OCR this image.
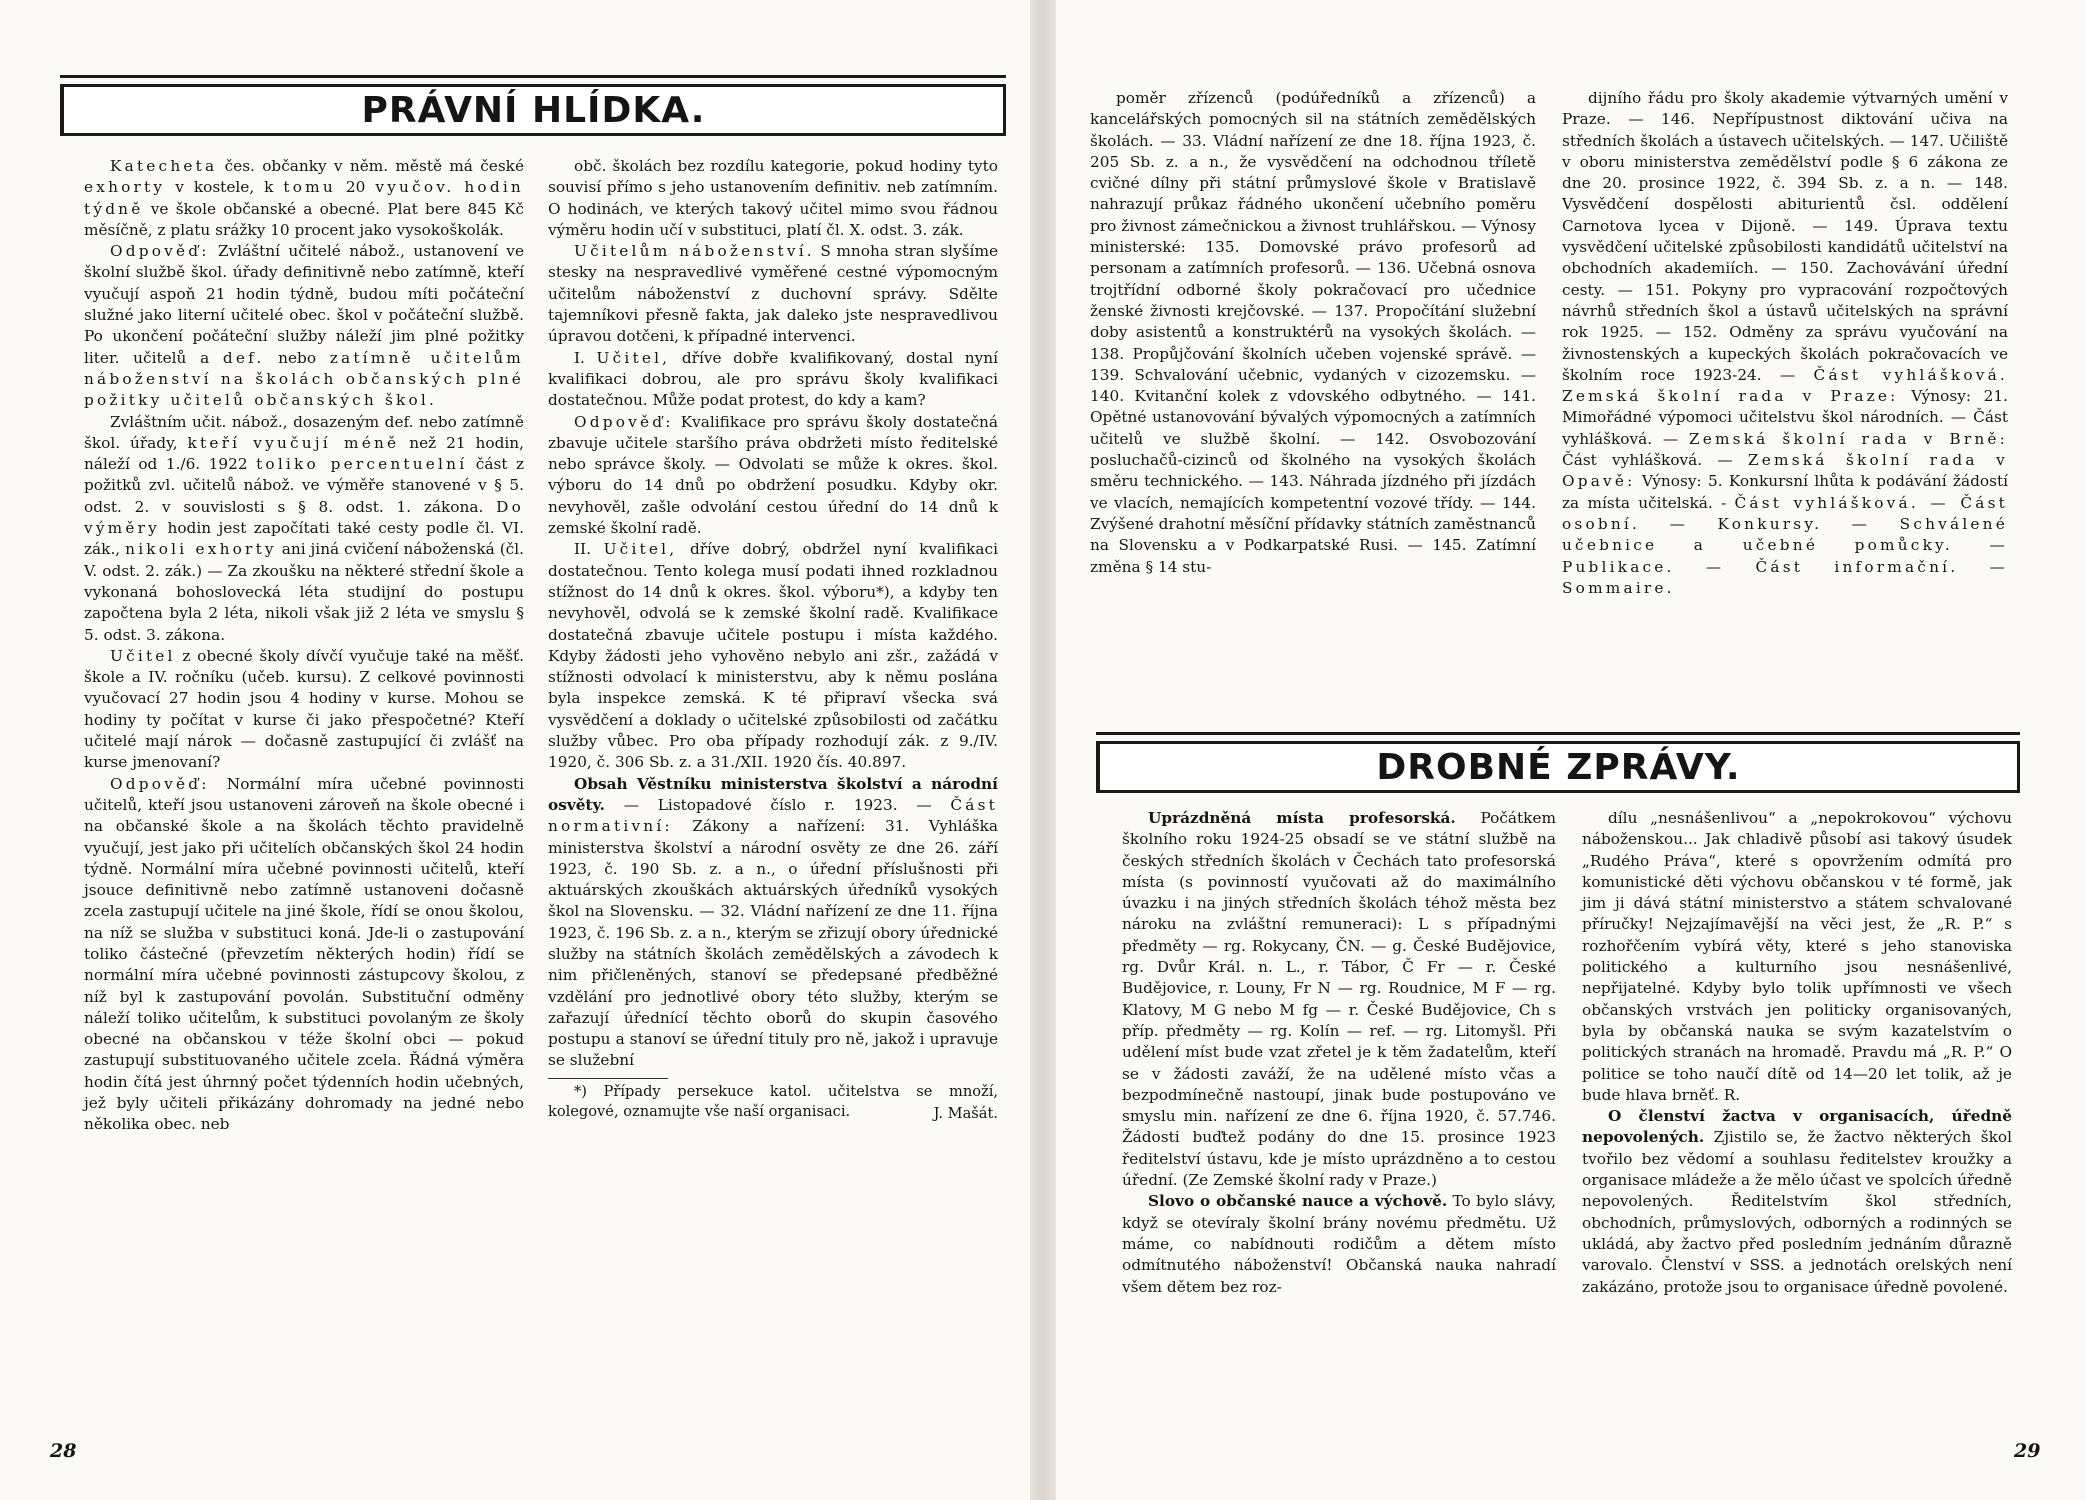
PRÁVNÍ HLÍDKA.

Katecheta čes. občanky v něm. městě má české exhorty v kostele, k tomu 20 vyučov. hodin týdně ve škole občanské a obecné. Plat bere 845 Kč měsíčně, z platu srážky 10 procent jako vysokoškolák.

Odpověď: Zvláštní učitelé nábož., ustanovení ve školní službě škol. úřady definitivně nebo zatímně, kteří vyučují aspoň 21 hodin týdně, budou míti počáteční služné jako literní učitelé obec. škol v počáteční službě. Po ukončení počáteční služby náleží jim plné požitky liter. učitelů a def. nebo zatímně učitelům náboženství na školách občanských plné požitky učitelů občanských škol.

Zvláštním učit. nábož., dosazeným def. nebo zatímně škol. úřady, kteří vyučují méně než 21 hodin, náleží od 1./6. 1922 toliko percentuelní část z požitků zvl. učitelů nábož. ve výměře stanovené v § 5. odst. 2. v souvislosti s § 8. odst. 1. zákona. Do výměry hodin jest započítati také cesty podle čl. VI. zák., nikoli exhorty ani jiná cvičení náboženská (čl. V. odst. 2. zák.) — Za zkoušku na některé střední škole a vykonaná bohoslovecká léta studijní do postupu započtena byla 2 léta, nikoli však již 2 léta ve smyslu § 5. odst. 3. zákona.

Učitel z obecné školy dívčí vyučuje také na měšť. škole a IV. ročníku (učeb. kursu). Z celkové povinnosti vyučovací 27 hodin jsou 4 hodiny v kurse. Mohou se hodiny ty počítat v kurse či jako přespočetné? Kteří učitelé mají nárok — dočasně zastupující či zvlášť na kurse jmenovaní?

Odpověď: Normální míra učebné povinnosti učitelů, kteří jsou ustanoveni zároveň na škole obecné i na občanské škole a na školách těchto pravidelně vyučují, jest jako při učitelích občanských škol 24 hodin týdně. Normální míra učebné povinnosti učitelů, kteří jsouce definitivně nebo zatímně ustanoveni dočasně zcela zastupují učitele na jiné škole, řídí se onou školou, na níž se služba v substituci koná. Jde-li o zastupování toliko částečné (převzetím některých hodin) řídí se normální míra učebné povinnosti zástupcovy školou, z níž byl k zastupování povolán. Substituční odměny náleží toliko učitelům, k substituci povolaným ze školy obecné na občanskou v téže školní obci — pokud zastupují substituovaného učitele zcela. Řádná výměra hodin čítá jest úhrnný počet týdenních hodin učebných, jež byly učiteli přikázány dohromady na jedné nebo několika obec. neb

obč. školách bez rozdílu kategorie, pokud hodiny tyto souvisí přímo s jeho ustanovením definitiv. neb zatímním. O hodinách, ve kterých takový učitel mimo svou řádnou výměru hodin učí v substituci, platí čl. X. odst. 3. zák.

Učitelům náboženství. S mnoha stran slyšíme stesky na nespravedlivé vyměřené cestné výpomocným učitelům náboženství z duchovní správy. Sdělte tajemníkovi přesně fakta, jak daleko jste nespravedlivou úpravou dotčeni, k případné intervenci.

I. Učitel, dříve dobře kvalifikovaný, dostal nyní kvalifikaci dobrou, ale pro správu školy kvalifikaci dostatečnou. Může podat protest, do kdy a kam?

Odpověď: Kvalifikace pro správu školy dostatečná zbavuje učitele staršího práva obdržeti místo ředitelské nebo správce školy. — Odvolati se může k okres. škol. výboru do 14 dnů po obdržení posudku. Kdyby okr. nevyhověl, zašle odvolání cestou úřední do 14 dnů k zemské školní radě.

II. Učitel, dříve dobrý, obdržel nyní kvalifikaci dostatečnou. Tento kolega musí podati ihned rozkladnou stížnost do 14 dnů k okres. škol. výboru*), a kdyby ten nevyhověl, odvolá se k zemské školní radě. Kvalifikace dostatečná zbavuje učitele postupu i místa každého. Kdyby žádosti jeho vyhověno nebylo ani zšr., zažádá v stížnosti odvolací k ministerstvu, aby k němu poslána byla inspekce zemská. K té připraví všecka svá vysvědčení a doklady o učitelské způsobilosti od začátku služby vůbec. Pro oba případy rozhodují zák. z 9./IV. 1920, č. 306 Sb. z. a 31./XII. 1920 čís. 40.897.

Obsah Věstníku ministerstva školství a národní osvěty. — Listopadové číslo r. 1923. — Část normativní: Zákony a nařízení: 31. Vyhláška ministerstva školství a národní osvěty ze dne 26. září 1923, č. 190 Sb. z. a n., o úřední příslušnosti při aktuárských zkouškách aktuárských úředníků vysokých škol na Slovensku. — 32. Vládní nařízení ze dne 11. října 1923, č. 196 Sb. z. a n., kterým se zřizují obory úřednické služby na státních školách zemědělských a závodech k nim přičleněných, stanoví se předepsané předběžné vzdělání pro jednotlivé obory této služby, kterým se zařazují úřednící těchto oborů do skupin časového postupu a stanoví se úřední tituly pro ně, jakož i upravuje se služební

*) Případy persekuce katol. učitelstva se množí, kolegové, oznamujte vše naší organisaci.	J. Mašát.

28

poměr zřízenců (podúředníků a zřízenců) a kancelářských pomocných sil na státních zemědělských školách. — 33. Vládní nařízení ze dne 18. října 1923, č. 205 Sb. z. a n., že vysvědčení na odchodnou tříletě cvičné dílny při státní průmyslové škole v Bratislavě nahrazují průkaz řádného ukončení učebního poměru pro živnost zámečnickou a živnost truhlářskou. — Výnosy ministerské: 135. Domovské právo profesorů ad personam a zatímních profesorů. — 136. Učebná osnova trojtřídní odborné školy pokračovací pro učednice ženské živnosti krejčovské. — 137. Propočítání služební doby asistentů a konstruktérů na vysokých školách. — 138. Propůjčování školních učeben vojenské správě. — 139. Schvalování učebnic, vydaných v cizozemsku. — 140. Kvitanční kolek z vdovského odbytného. — 141. Opětné ustanovování bývalých výpomocných a zatímních učitelů ve službě školní. — 142. Osvobozování posluchačů-cizinců od školného na vysokých školách směru technického. — 143. Náhrada jízdného při jízdách ve vlacích, nemajících kompetentní vozové třídy. — 144. Zvýšené drahotní měsíční přídavky státních zaměstnanců na Slovensku a v Podkarpatské Rusi. — 145. Zatímní změna § 14 stu-

dijního řádu pro školy akademie výtvarných umění v Praze. — 146. Nepřípustnost diktování učiva na středních školách a ústavech učitelských. — 147. Učiliště v oboru ministerstva zemědělství podle § 6 zákona ze dne 20. prosince 1922, č. 394 Sb. z. a n. — 148. Vysvědčení dospělosti abiturientů čsl. oddělení Carnotova lycea v Dijoně. — 149. Úprava textu vysvědčení učitelské způsobilosti kandidátů učitelství na obchodních akademiích. — 150. Zachovávání úřední cesty. — 151. Pokyny pro vypracování rozpočtových návrhů středních škol a ústavů učitelských na správní rok 1925. — 152. Odměny za správu vyučování na živnostenských a kupeckých školách pokračovacích ve školním roce 1923-24. — Část vyhlášková. Zemská školní rada v Praze: Výnosy: 21. Mimořádné výpomoci učitelstvu škol národních. — Část vyhlášková. — Zemská školní rada v Brně: Část vyhlášková. — Zemská školní rada v Opavě: Výnosy: 5. Konkursní lhůta k podávání žádostí za místa učitelská. - Část vyhlášková. — Část osobní. — Konkursy. — Schválené učebnice a učebné pomůcky. — Publikace. — Část informační. — Sommaire.

DROBNÉ ZPRÁVY.

Uprázdněná místa profesorská. Počátkem školního roku 1924-25 obsadí se ve státní službě na českých středních školách v Čechách tato profesorská místa (s povinností vyučovati až do maximálního úvazku i na jiných středních školách téhož města bez nároku na zvláštní remuneraci): L s případnými předměty — rg. Rokycany, ČN. — g. České Budějovice, rg. Dvůr Král. n. L., r. Tábor, Č Fr — r. České Budějovice, r. Louny, Fr N — rg. Roudnice, M F — rg. Klatovy, M G nebo M fg — r. České Budějovice, Ch s příp. předměty — rg. Kolín — ref. — rg. Litomyšl. Při udělení míst bude vzat zřetel je k těm žadatelům, kteří se v žádosti zaváží, že na udělené místo včas a bezpodmínečně nastoupí, jinak bude postupováno ve smyslu min. nařízení ze dne 6. října 1920, č. 57.746. Žádosti buďtež podány do dne 15. prosince 1923 ředitelství ústavu, kde je místo uprázdněno a to cestou úřední. (Ze Zemské školní rady v Praze.)

Slovo o občanské nauce a výchově. To bylo slávy, když se otevíraly školní brány novému předmětu. Už máme, co nabídnouti rodičům a dětem místo odmítnutého náboženství! Občanská nauka nahradí všem dětem bez roz-

dílu „nesnášenlivou“ a „nepokrokovou“ výchovu náboženskou... Jak chladivě působí asi takový úsudek „Rudého Práva“, které s opovržením odmítá pro komunistické děti výchovu občanskou v té formě, jak jim ji dává státní ministerstvo a státem schvalované příručky! Nejzajímavější na věci jest, že „R. P.“ s rozhořčením vybírá věty, které s jeho stanoviska politického a kulturního jsou nesnášenlivé, nepřijatelné. Kdyby bylo tolik upřímnosti ve všech občanských vrstvách jen politicky organisovaných, byla by občanská nauka se svým kazatelstvím o politických stranách na hromadě. Pravdu má „R. P.“ O politice se toho naučí dítě od 14—20 let tolik, až je bude hlava brněť. R.

O členství žactva v organisacích, úředně nepovolených. Zjistilo se, že žactvo některých škol tvořilo bez vědomí a souhlasu ředitelstev kroužky a organisace mládeže a že mělo účast ve spolcích úředně nepovolených. Ředitelstvím škol středních, obchodních, průmyslových, odborných a rodinných se ukládá, aby žactvo před posledním jednáním důrazně varovalo. Členství v SSS. a jednotách orelských není zakázáno, protože jsou to organisace úředně povolené.

29
